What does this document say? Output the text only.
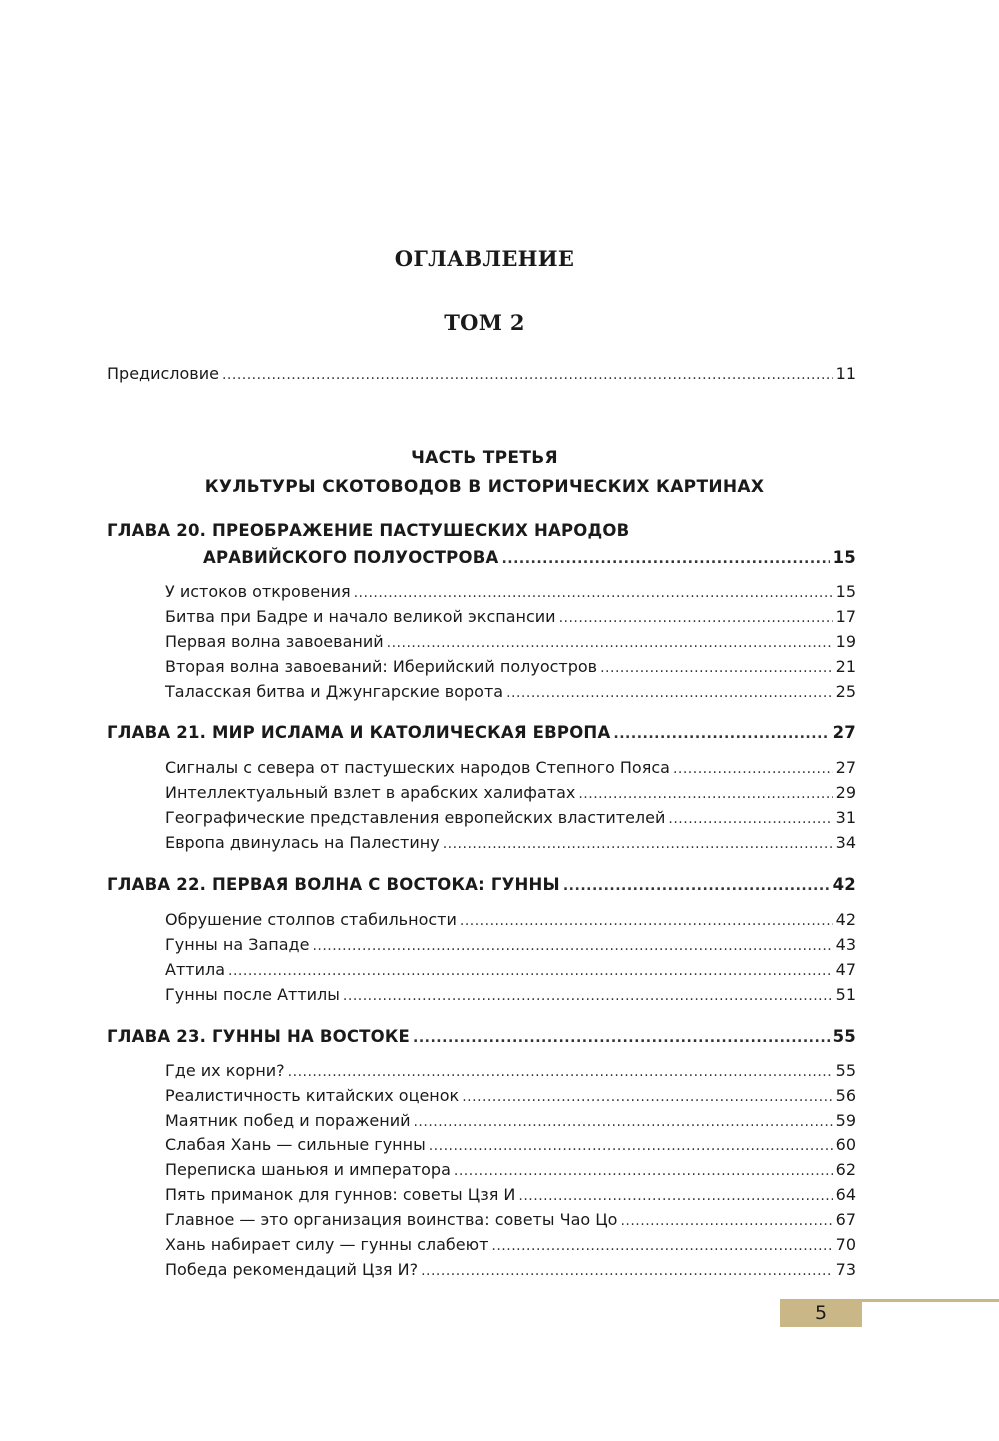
ОГЛАВЛЕНИЕ
ТОМ 2
Предисловие .....	11
ЧАСТЬ ТРЕТЬЯ
КУЛЬТУРЫ СКОТОВОДОВ В ИСТОРИЧЕСКИХ КАРТИНАХ
ГЛАВА 20. ПРЕОБРАЖЕНИЕ ПАСТУШЕСКИХ НАРОДОВ
АРАВИЙСКОГО ПОЛУОСТРОВА .....	15
У истоков откровения .....	15
Битва при Бадре и начало великой экспансии .....	17
Первая волна завоеваний .....	19
Вторая волна завоеваний: Иберийский полуостров .....	21
Таласская битва и Джунгарские ворота .....	25
ГЛАВА 21. МИР ИСЛАМА И КАТОЛИЧЕСКАЯ ЕВРОПА .....	27
Сигналы с севера от пастушеских народов Степного Пояса .....	27
Интеллектуальный взлет в арабских халифатах .....	29
Географические представления европейских властителей .....	31
Европа двинулась на Палестину .....	34
ГЛАВА 22. ПЕРВАЯ ВОЛНА С ВОСТОКА: ГУННЫ .....	42
Обрушение столпов стабильности .....	42
Гунны на Западе .....	43
Аттила .....	47
Гунны после Аттилы .....	51
ГЛАВА 23. ГУННЫ НА ВОСТОКЕ .....	55
Где их корни? .....	55
Реалистичность китайских оценок .....	56
Маятник побед и поражений .....	59
Слабая Хань — сильные гунны .....	60
Переписка шаньюя и императора .....	62
Пять приманок для гуннов: советы Цзя И .....	64
Главное — это организация воинства: советы Чао Цо .....	67
Хань набирает силу — гунны слабеют .....	70
Победа рекомендаций Цзя И? .....	73
5
